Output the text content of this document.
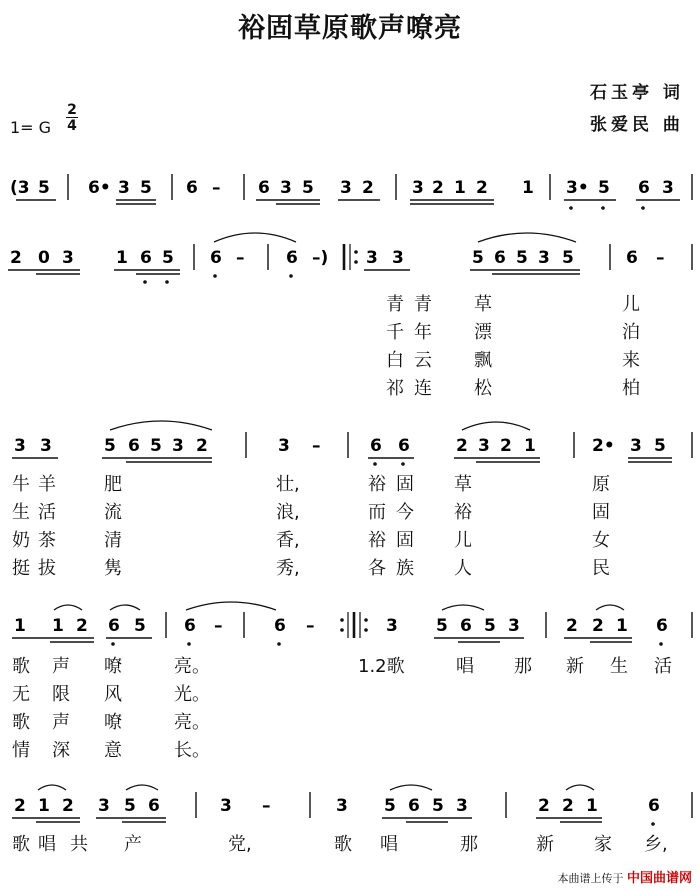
裕固草原歌声嘹亮
石玉亭 词
张爱民 曲
1= G $\frac{2}{4}$
(3 5 6• 3 5 6 – 6 3 5 3 2 3 2 1 2 1 3• 5 6 3
2 0 3 1 6 5 6 – 6 –) 3 3	5 6 5 3 5	6 –
青 青 草	儿
千 年 漂	泊
白 云 飘	来
祁 连 松	柏
3 3	5 6 5 3 2	3 –	6 6	2 3 2 1	2• 3 5
牛 羊	肥	壮,	裕 固 草	原
生 活	流	浪,	而 今 裕	固
奶 茶	清	香,	裕 固 儿	女
挺 拔	隽	秀,	各 族 人	民
1 1 2 6 5 6 –	6 –	3 5 6 5 3	2 2 1 6
歌 声 嘹	亮。
无 限 风	光。
歌 声 嘹	亮。
情 深 意	长。
1.2歌	唱 那 新 生 活
2 1 2 3 5 6	3 –	3 5 6 5 3	2 2 1	6
歌 唱 共 产	党,	歌 唱	那	新 家 乡,
本曲谱上传于 中国曲谱网
